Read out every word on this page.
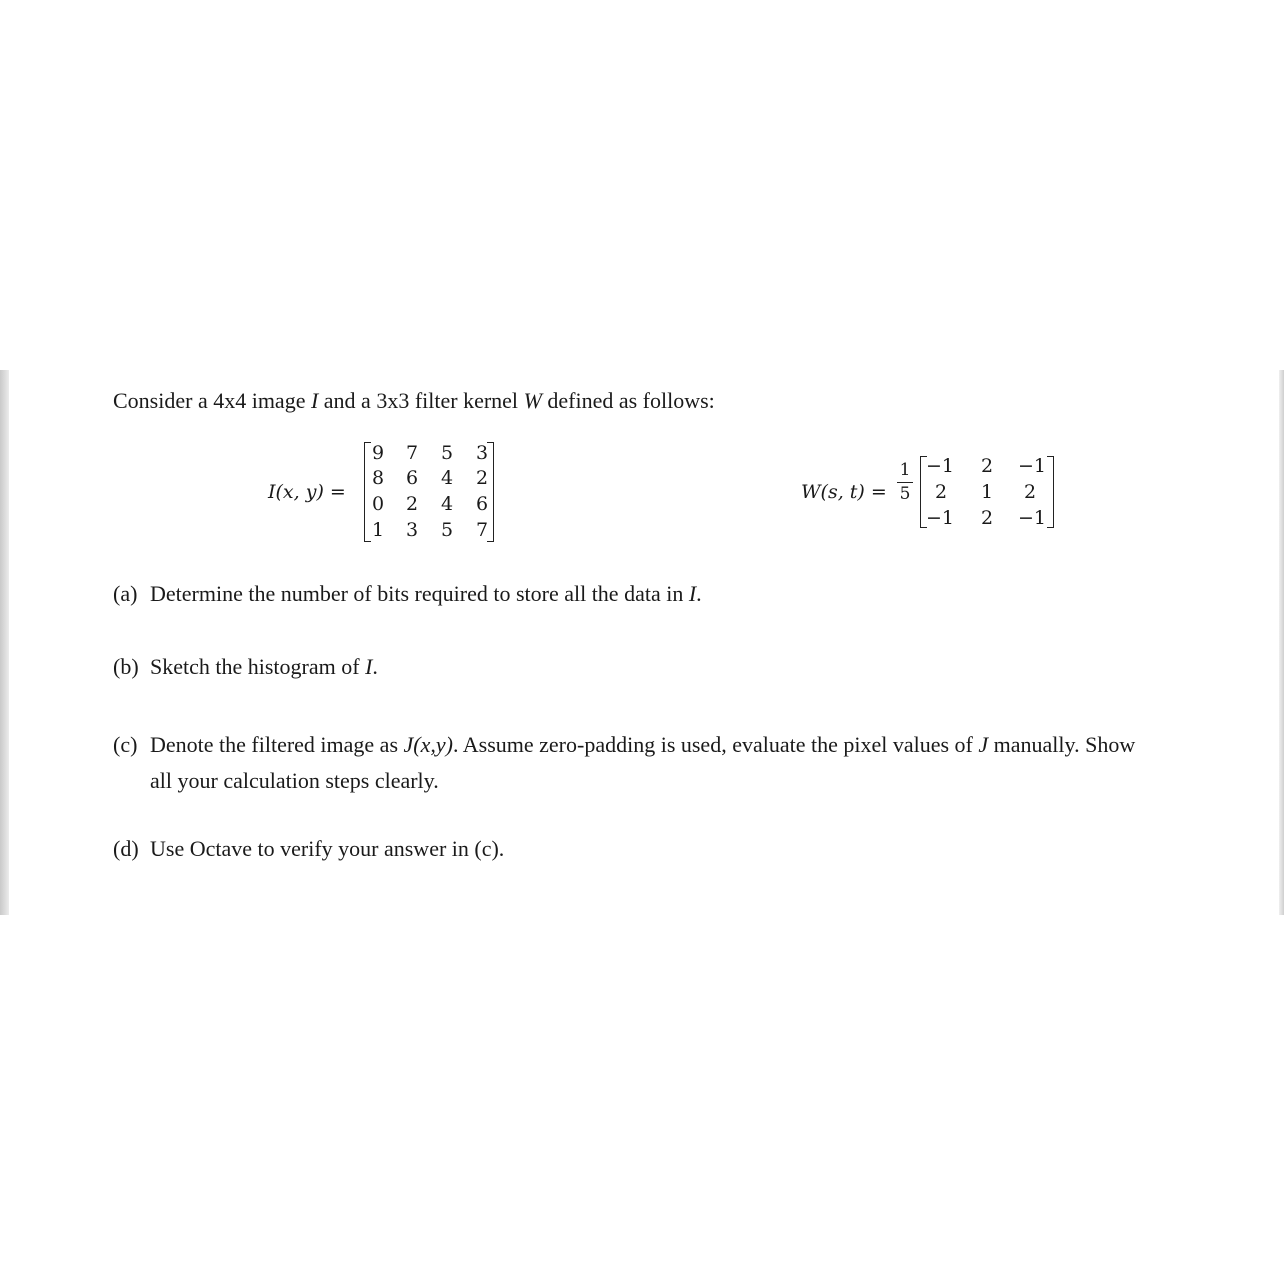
Consider a 4x4 image I and a 3x3 filter kernel W defined as follows:
I(x, y) =
9	7	5	3
8	6	4	2
0	2	4	6
1	3	5	7
W(s, t) =
1
5
−1	2	−1
2	1	2
−1	2	−1
(a) Determine the number of bits required to store all the data in I.
(b) Sketch the histogram of I.
(c) Denote the filtered image as J(x,y). Assume zero-padding is used, evaluate the pixel values of J manually. Show
all your calculation steps clearly.
(d) Use Octave to verify your answer in (c).
